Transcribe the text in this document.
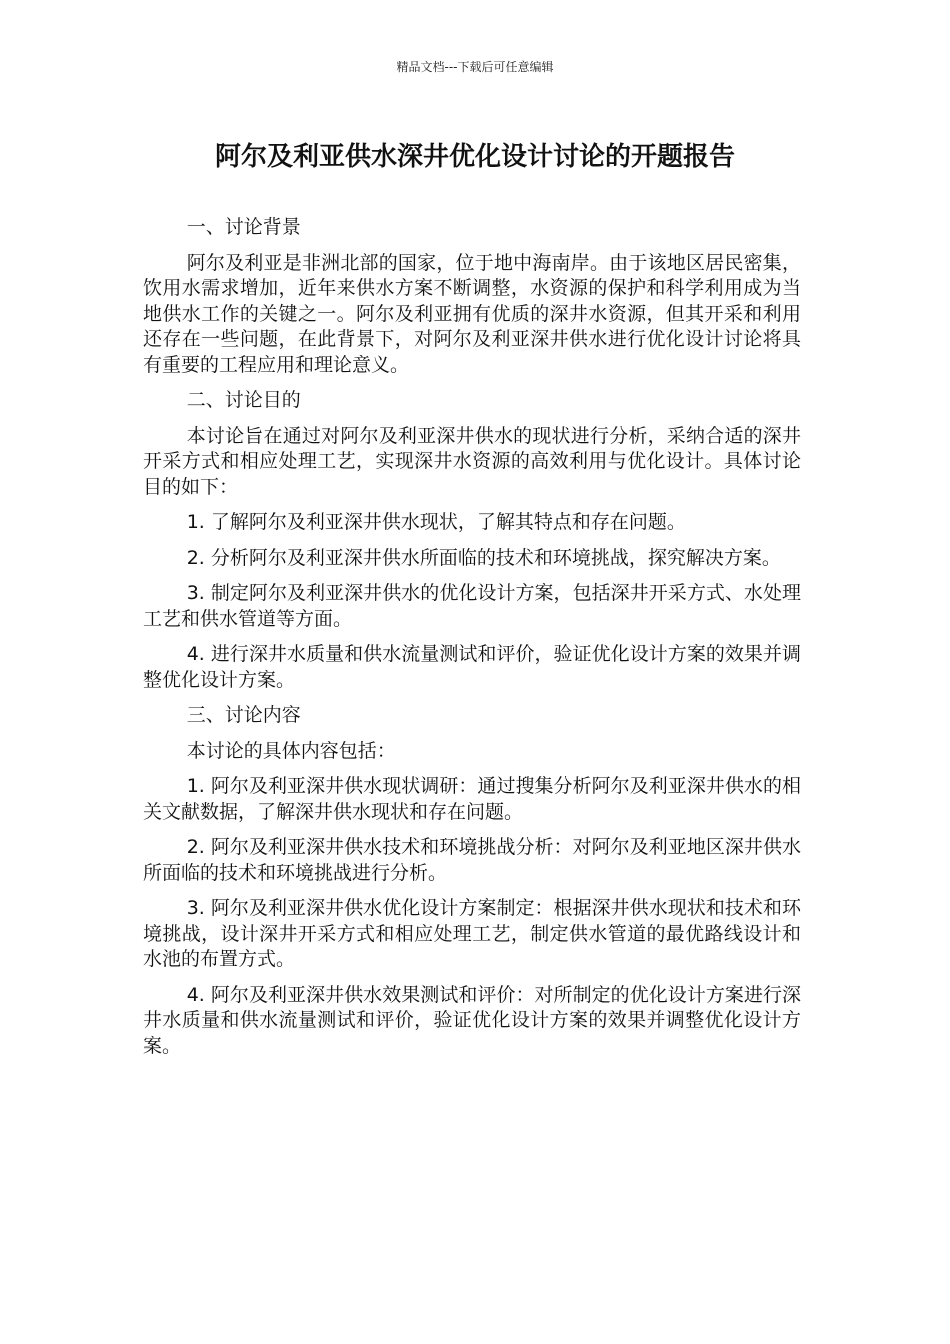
精品文档---下载后可任意编辑
阿尔及利亚供水深井优化设计讨论的开题报告

一、讨论背景

阿尔及利亚是非洲北部的国家，位于地中海南岸。由于该地区居民密集，饮用水需求增加，近年来供水方案不断调整，水资源的保护和科学利用成为当地供水工作的关键之一。阿尔及利亚拥有优质的深井水资源，但其开采和利用还存在一些问题，在此背景下，对阿尔及利亚深井供水进行优化设计讨论将具有重要的工程应用和理论意义。

二、讨论目的

本讨论旨在通过对阿尔及利亚深井供水的现状进行分析，采纳合适的深井开采方式和相应处理工艺，实现深井水资源的高效利用与优化设计。具体讨论目的如下：

1. 了解阿尔及利亚深井供水现状，了解其特点和存在问题。

2. 分析阿尔及利亚深井供水所面临的技术和环境挑战，探究解决方案。

3. 制定阿尔及利亚深井供水的优化设计方案，包括深井开采方式、水处理工艺和供水管道等方面。

4. 进行深井水质量和供水流量测试和评价，验证优化设计方案的效果并调整优化设计方案。

三、讨论内容

本讨论的具体内容包括：

1. 阿尔及利亚深井供水现状调研：通过搜集分析阿尔及利亚深井供水的相关文献数据，了解深井供水现状和存在问题。

2. 阿尔及利亚深井供水技术和环境挑战分析：对阿尔及利亚地区深井供水所面临的技术和环境挑战进行分析。

3. 阿尔及利亚深井供水优化设计方案制定：根据深井供水现状和技术和环境挑战，设计深井开采方式和相应处理工艺，制定供水管道的最优路线设计和水池的布置方式。

4. 阿尔及利亚深井供水效果测试和评价：对所制定的优化设计方案进行深井水质量和供水流量测试和评价，验证优化设计方案的效果并调整优化设计方案。
